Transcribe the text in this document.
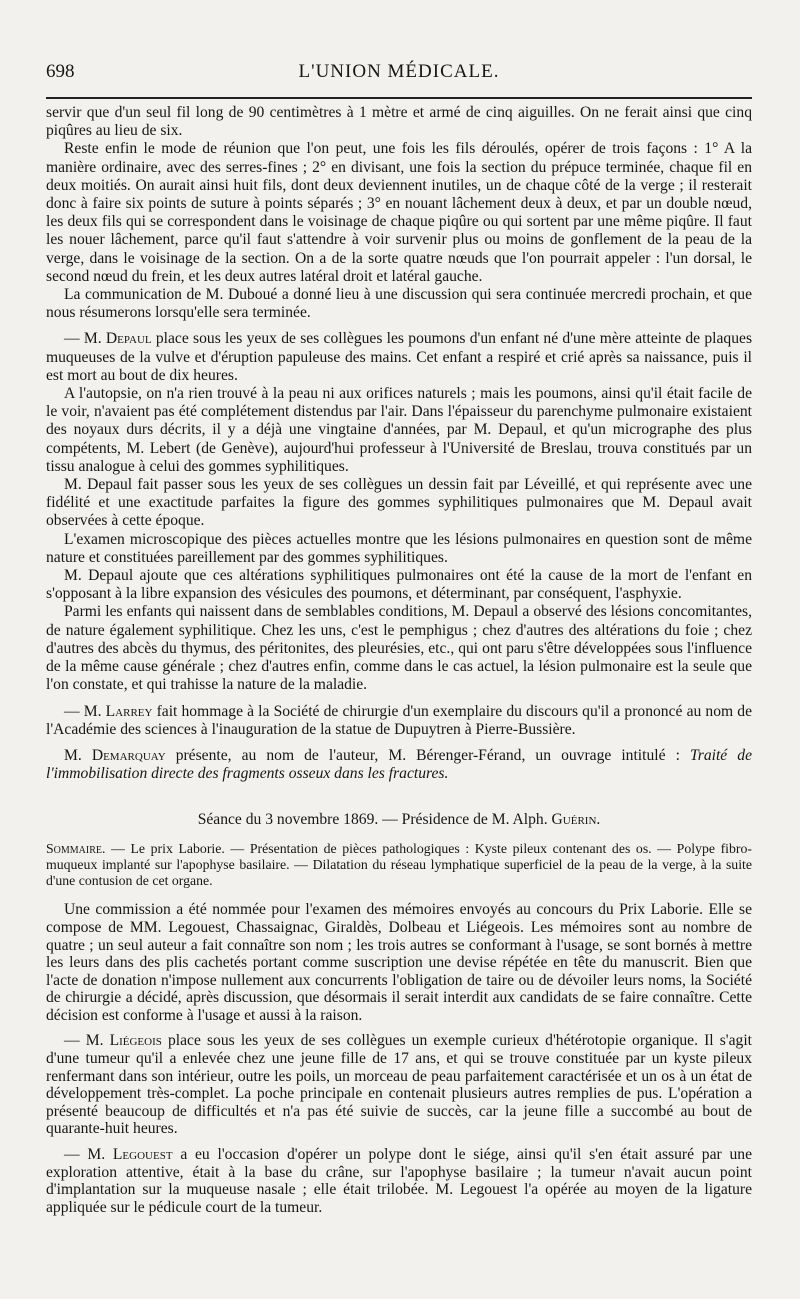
698	L'UNION MÉDICALE.

servir que d'un seul fil long de 90 centimètres à 1 mètre et armé de cinq aiguilles. On ne ferait ainsi que cinq piqûres au lieu de six.

Reste enfin le mode de réunion que l'on peut, une fois les fils déroulés, opérer de trois façons : 1° A la manière ordinaire, avec des serres-fines ; 2° en divisant, une fois la section du prépuce terminée, chaque fil en deux moitiés. On aurait ainsi huit fils, dont deux deviennent inutiles, un de chaque côté de la verge ; il resterait donc à faire six points de suture à points séparés ; 3° en nouant lâchement deux à deux, et par un double nœud, les deux fils qui se correspondent dans le voisinage de chaque piqûre ou qui sortent par une même piqûre. Il faut les nouer lâchement, parce qu'il faut s'attendre à voir survenir plus ou moins de gonflement de la peau de la verge, dans le voisinage de la section. On a de la sorte quatre nœuds que l'on pourrait appeler : l'un dorsal, le second nœud du frein, et les deux autres latéral droit et latéral gauche.

La communication de M. Duboué a donné lieu à une discussion qui sera continuée mercredi prochain, et que nous résumerons lorsqu'elle sera terminée.

— M. Depaul place sous les yeux de ses collègues les poumons d'un enfant né d'une mère atteinte de plaques muqueuses de la vulve et d'éruption papuleuse des mains. Cet enfant a respiré et crié après sa naissance, puis il est mort au bout de dix heures.

A l'autopsie, on n'a rien trouvé à la peau ni aux orifices naturels ; mais les poumons, ainsi qu'il était facile de le voir, n'avaient pas été complétement distendus par l'air. Dans l'épaisseur du parenchyme pulmonaire existaient des noyaux durs décrits, il y a déjà une vingtaine d'années, par M. Depaul, et qu'un micrographe des plus compétents, M. Lebert (de Genève), aujourd'hui professeur à l'Université de Breslau, trouva constitués par un tissu analogue à celui des gommes syphilitiques.

M. Depaul fait passer sous les yeux de ses collègues un dessin fait par Léveillé, et qui représente avec une fidélité et une exactitude parfaites la figure des gommes syphilitiques pulmonaires que M. Depaul avait observées à cette époque.

L'examen microscopique des pièces actuelles montre que les lésions pulmonaires en question sont de même nature et constituées pareillement par des gommes syphilitiques.

M. Depaul ajoute que ces altérations syphilitiques pulmonaires ont été la cause de la mort de l'enfant en s'opposant à la libre expansion des vésicules des poumons, et déterminant, par conséquent, l'asphyxie.

Parmi les enfants qui naissent dans de semblables conditions, M. Depaul a observé des lésions concomitantes, de nature également syphilitique. Chez les uns, c'est le pemphigus ; chez d'autres des altérations du foie ; chez d'autres des abcès du thymus, des péritonites, des pleurésies, etc., qui ont paru s'être développées sous l'influence de la même cause générale ; chez d'autres enfin, comme dans le cas actuel, la lésion pulmonaire est la seule que l'on constate, et qui trahisse la nature de la maladie.

— M. Larrey fait hommage à la Société de chirurgie d'un exemplaire du discours qu'il a prononcé au nom de l'Académie des sciences à l'inauguration de la statue de Dupuytren à Pierre-Bussière.

M. Demarquay présente, au nom de l'auteur, M. Bérenger-Férand, un ouvrage intitulé : Traité de l'immobilisation directe des fragments osseux dans les fractures.

Séance du 3 novembre 1869. — Présidence de M. Alph. Guérin.

Sommaire. — Le prix Laborie. — Présentation de pièces pathologiques : Kyste pileux contenant des os. — Polype fibro-muqueux implanté sur l'apophyse basilaire. — Dilatation du réseau lymphatique superficiel de la peau de la verge, à la suite d'une contusion de cet organe.

Une commission a été nommée pour l'examen des mémoires envoyés au concours du Prix Laborie. Elle se compose de MM. Legouest, Chassaignac, Giraldès, Dolbeau et Liégeois. Les mémoires sont au nombre de quatre ; un seul auteur a fait connaître son nom ; les trois autres se conformant à l'usage, se sont bornés à mettre les leurs dans des plis cachetés portant comme suscription une devise répétée en tête du manuscrit. Bien que l'acte de donation n'impose nullement aux concurrents l'obligation de taire ou de dévoiler leurs noms, la Société de chirurgie a décidé, après discussion, que désormais il serait interdit aux candidats de se faire connaître. Cette décision est conforme à l'usage et aussi à la raison.

— M. Liégeois place sous les yeux de ses collègues un exemple curieux d'hétérotopie organique. Il s'agit d'une tumeur qu'il a enlevée chez une jeune fille de 17 ans, et qui se trouve constituée par un kyste pileux renfermant dans son intérieur, outre les poils, un morceau de peau parfaitement caractérisée et un os à un état de développement très-complet. La poche principale en contenait plusieurs autres remplies de pus. L'opération a présenté beaucoup de difficultés et n'a pas été suivie de succès, car la jeune fille a succombé au bout de quarante-huit heures.

— M. Legouest a eu l'occasion d'opérer un polype dont le siége, ainsi qu'il s'en était assuré par une exploration attentive, était à la base du crâne, sur l'apophyse basilaire ; la tumeur n'avait aucun point d'implantation sur la muqueuse nasale ; elle était trilobée. M. Legouest l'a opérée au moyen de la ligature appliquée sur le pédicule court de la tumeur.
